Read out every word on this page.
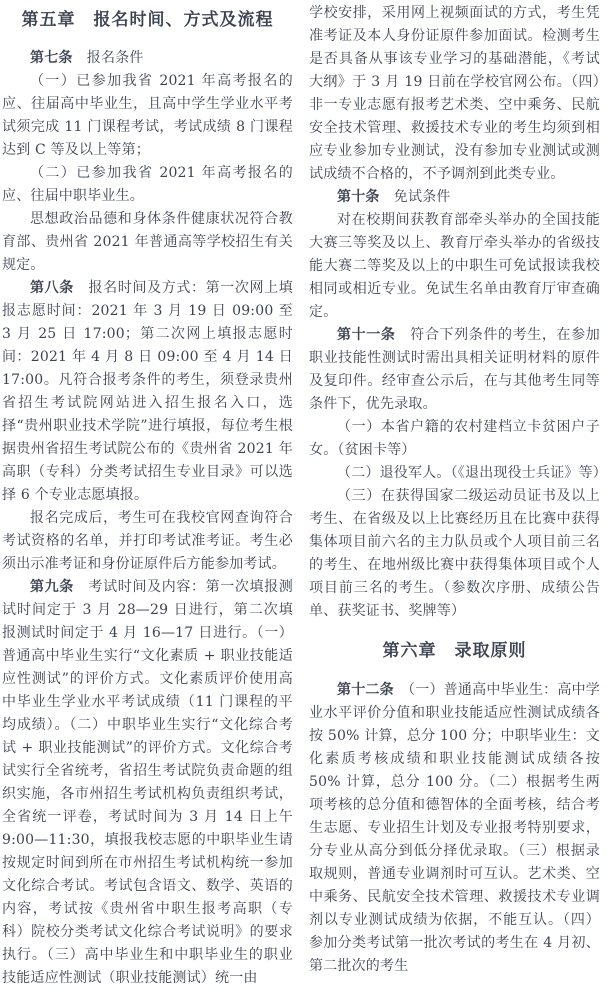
第五章　报名时间、方式及流程

第七条　报名条件

（一）已参加我省 2021 年高考报名的应、往届高中毕业生，且高中学生学业水平考试须完成 11 门课程考试，考试成绩 8 门课程达到 C 等及以上等第；

（二）已参加我省 2021 年高考报名的应、往届中职毕业生。

思想政治品德和身体条件健康状况符合教育部、贵州省 2021 年普通高等学校招生有关规定。

第八条　报名时间及方式：第一次网上填报志愿时间：2021 年 3 月 19 日 09:00 至 3 月 25 日 17:00；第二次网上填报志愿时间：2021 年 4 月 8 日 09:00 至 4 月 14 日 17:00。凡符合报考条件的考生，须登录贵州省招生考试院网站进入招生报名入口，选择“贵州职业技术学院”进行填报，每位考生根据贵州省招生考试院公布的《贵州省 2021 年高职（专科）分类考试招生专业目录》可以选择 6 个专业志愿填报。

报名完成后，考生可在我校官网查询符合考试资格的名单，并打印考试准考证。考生必须出示准考证和身份证原件后方能参加考试。

第九条　考试时间及内容：第一次填报测试时间定于 3 月 28—29 日进行，第二次填报测试时间定于 4 月 16—17 日进行。（一）普通高中毕业生实行“文化素质 + 职业技能适应性测试”的评价方式。文化素质评价使用高中毕业生学业水平考试成绩（11 门课程的平均成绩）。（二）中职毕业生实行“文化综合考试 + 职业技能测试”的评价方式。文化综合考试实行全省统考，省招生考试院负责命题的组织实施，各市州招生考试机构负责组织考试，全省统一评卷，考试时间为 3 月 14 日上午 9:00—11:30，填报我校志愿的中职毕业生请按规定时间到所在市州招生考试机构统一参加文化综合考试。考试包含语文、数学、英语的内容，考试按《贵州省中职生报考高职（专科）院校分类考试文化综合考试说明》的要求执行。（三）高中毕业生和中职毕业生的职业技能适应性测试（职业技能测试）统一由

学校安排，采用网上视频面试的方式，考生凭准考证及本人身份证原件参加面试。检测考生是否具备从事该专业学习的基础潜能，《考试大纲》于 3 月 19 日前在学校官网公布。（四）非一专业志愿有报考艺术类、空中乘务、民航安全技术管理、救援技术专业的考生均须到相应专业参加专业测试，没有参加专业测试或测试成绩不合格的，不予调剂到此类专业。

第十条　免试条件

对在校期间获教育部牵头举办的全国技能大赛三等奖及以上、教育厅牵头举办的省级技能大赛二等奖及以上的中职生可免试报读我校相同或相近专业。免试生名单由教育厅审查确定。

第十一条　符合下列条件的考生，在参加职业技能性测试时需出具相关证明材料的原件及复印件。经审查公示后，在与其他考生同等条件下，优先录取。

（一）本省户籍的农村建档立卡贫困户子女。（贫困卡等）

（二）退役军人。（《退出现役士兵证》等）

（三）在获得国家二级运动员证书及以上考生、在省级及以上比赛经历且在比赛中获得集体项目前六名的主力队员或个人项目前三名的考生、在地州级比赛中获得集体项目或个人项目前三名的考生。（参数次序册、成绩公告单、获奖证书、奖牌等）

第六章　录取原则

第十二条　（一）普通高中毕业生：高中学业水平评价分值和职业技能适应性测试成绩各按 50% 计算，总分 100 分；中职毕业生：文化素质考核成绩和职业技能测试成绩各按 50% 计算，总分 100 分。（二）根据考生两项考核的总分值和德智体的全面考核，结合考生志愿、专业招生计划及专业报考特别要求，分专业从高分到低分择优录取。（三）根据录取规则，普通专业调剂时可互认。艺术类、空中乘务、民航安全技术管理、救援技术专业调剂以专业测试成绩为依据，不能互认。（四）参加分类考试第一批次考试的考生在 4 月初、第二批次的考生
